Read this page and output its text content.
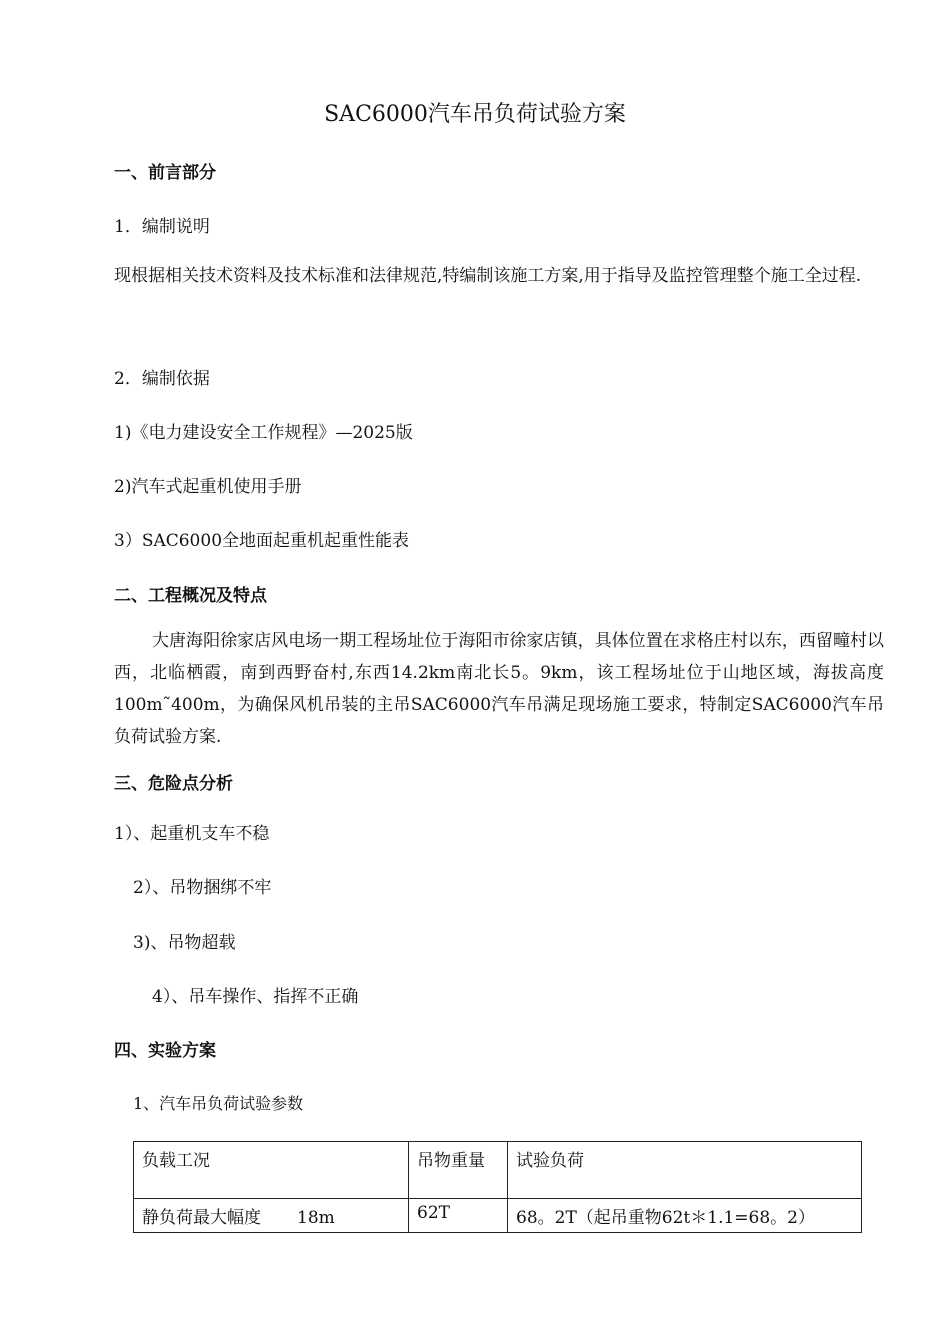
SAC6000汽车吊负荷试验方案
一、前言部分
1．编制说明
现根据相关技术资料及技术标准和法律规范,特编制该施工方案,用于指导及监控管理整个施工全过程.
2．编制依据
1)《电力建设安全工作规程》—2025版
2)汽车式起重机使用手册
3）SAC6000全地面起重机起重性能表
二、工程概况及特点
大唐海阳徐家店风电场一期工程场址位于海阳市徐家店镇，具体位置在求格庄村以东，西留疃村以西，北临栖霞，南到西野奋村,东西14.2km南北长5。9km，该工程场址位于山地区域，海拔高度100m˜400m，为确保风机吊装的主吊SAC6000汽车吊满足现场施工要求，特制定SAC6000汽车吊负荷试验方案.
三、危险点分析
1）、起重机支车不稳
2）、吊物捆绑不牢
3)、吊物超载
4）、吊车操作、指挥不正确
四、实验方案
1、汽车吊负荷试验参数
负载工况	吊物重量	试验负荷
静负荷最大幅度 18m	62T	68。2T（起吊重物62t＊1.1=68。2）
